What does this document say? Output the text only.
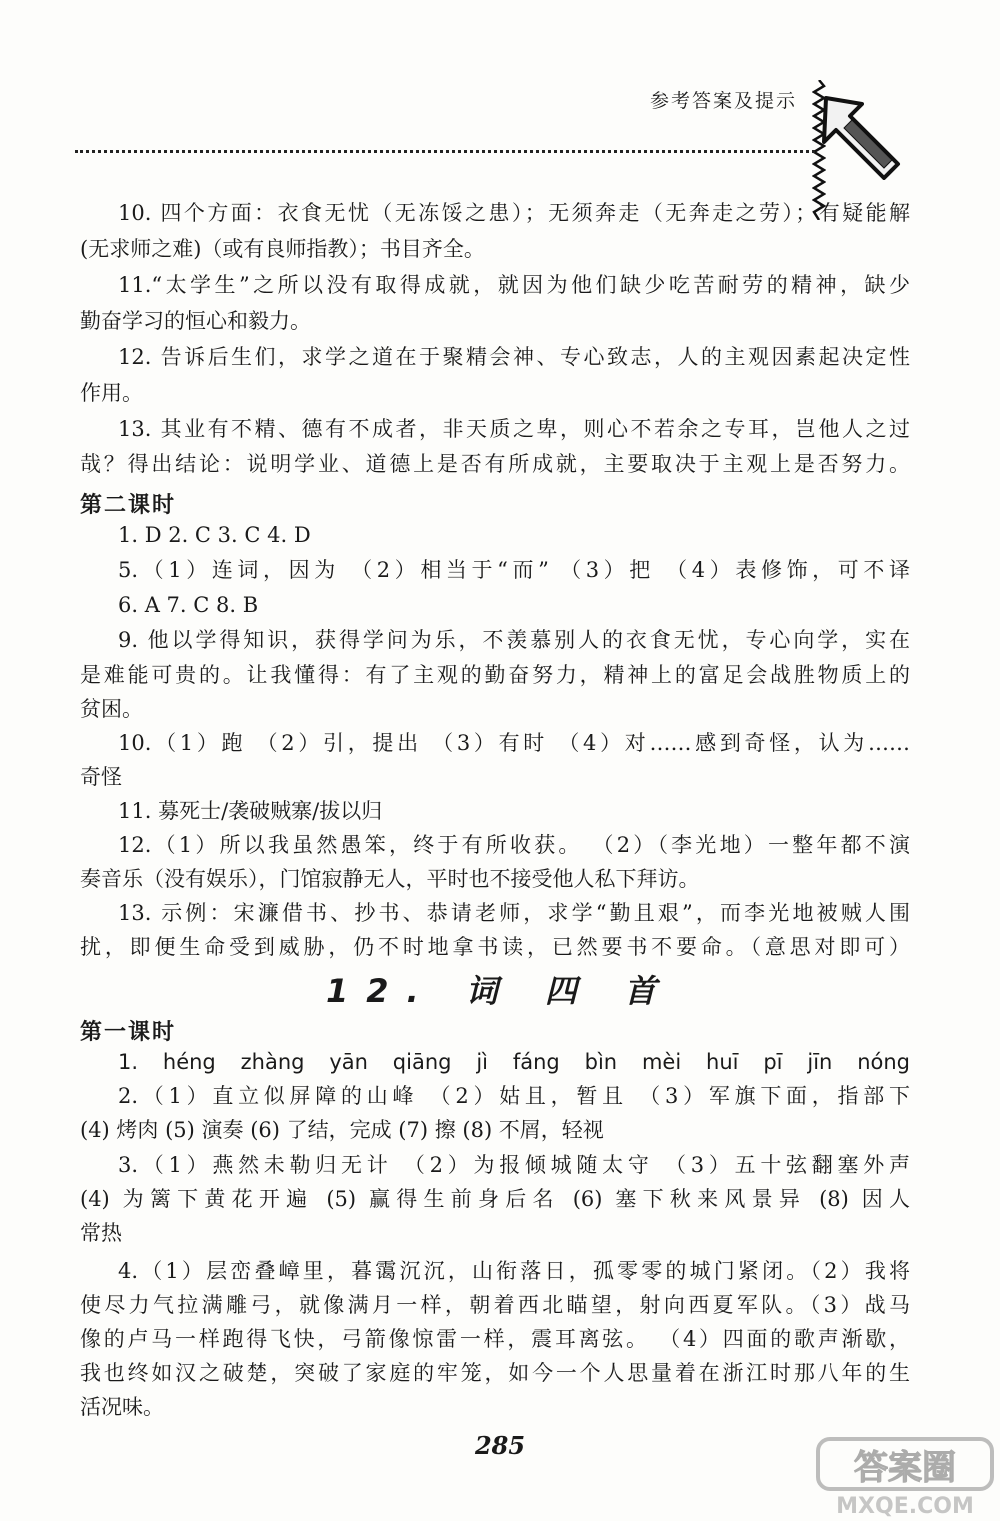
参考答案及提示
10. 四个方面：衣食无忧（无冻馁之患）；无须奔走（无奔走之劳）；有疑能解
(无求师之难)（或有良师指教）；书目齐全。
11.“太学生”之所以没有取得成就，就因为他们缺少吃苦耐劳的精神，缺少
勤奋学习的恒心和毅力。
12. 告诉后生们，求学之道在于聚精会神、专心致志，人的主观因素起决定性
作用。
13. 其业有不精、德有不成者，非天质之卑，则心不若余之专耳，岂他人之过
哉？得出结论：说明学业、道德上是否有所成就，主要取决于主观上是否努力。
第二课时
1. D 2. C 3. C 4. D
5.（1）连词，因为 （2）相当于“而” （3）把 （4）表修饰，可不译
6. A 7. C 8. B
9. 他以学得知识，获得学问为乐，不羡慕别人的衣食无忧，专心向学，实在
是难能可贵的。让我懂得：有了主观的勤奋努力，精神上的富足会战胜物质上的
贫困。
10.（1）跑 （2）引，提出 （3）有时 （4）对……感到奇怪，认为……
奇怪
11. 募死士/袭破贼寨/拔以归
12.（1）所以我虽然愚笨，终于有所收获。 （2）（李光地）一整年都不演
奏音乐（没有娱乐），门馆寂静无人，平时也不接受他人私下拜访。
13. 示例：宋濂借书、抄书、恭请老师，求学“勤且艰”，而李光地被贼人围
扰，即便生命受到威胁，仍不时地拿书读，已然要书不要命。（意思对即可）
12. 词 四 首
第一课时
1. héng zhàng yān qiāng jì fáng bìn mèi huī pī jīn nóng
2.（1）直立似屏障的山峰 （2）姑且，暂且 （3）军旗下面，指部下
(4) 烤肉 (5) 演奏 (6) 了结，完成 (7) 擦 (8) 不屑，轻视
3.（1）燕然未勒归无计 （2）为报倾城随太守 （3）五十弦翻塞外声
(4) 为篱下黄花开遍 (5) 赢得生前身后名 (6) 塞下秋来风景异 (8) 因人
常热
4.（1）层峦叠嶂里，暮霭沉沉，山衔落日，孤零零的城门紧闭。（2）我将
使尽力气拉满雕弓，就像满月一样，朝着西北瞄望，射向西夏军队。（3）战马
像的卢马一样跑得飞快，弓箭像惊雷一样，震耳离弦。 （4）四面的歌声渐歇，
我也终如汉之破楚，突破了家庭的牢笼，如今一个人思量着在浙江时那八年的生
活况味。
285
答案圈
MXQE.COM
